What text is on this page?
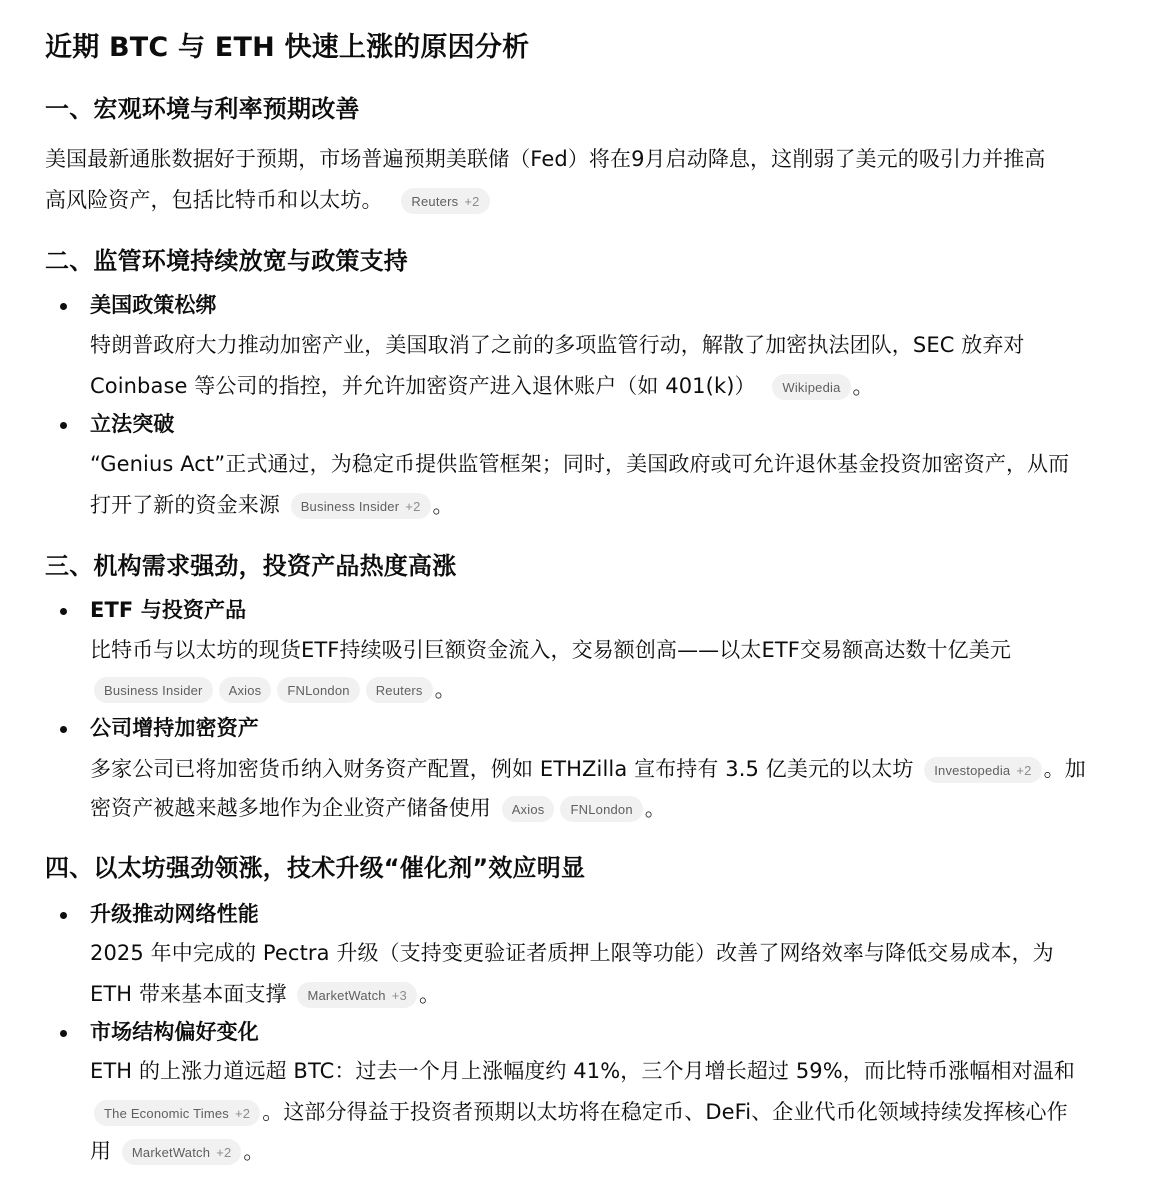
近期 BTC 与 ETH 快速上涨的原因分析
一、宏观环境与利率预期改善
美国最新通胀数据好于预期，市场普遍预期美联储（Fed）将在9月启动降息，这削弱了美元的吸引力并推高
高风险资产，包括比特币和以太坊。 Reuters +2
二、监管环境持续放宽与政策支持
美国政策松绑
特朗普政府大力推动加密产业，美国取消了之前的多项监管行动，解散了加密执法团队，SEC 放弃对
Coinbase 等公司的指控，并允许加密资产进入退休账户（如 401(k)） Wikipedia 。
立法突破
“Genius Act”正式通过，为稳定币提供监管框架；同时，美国政府或可允许退休基金投资加密资产，从而
打开了新的资金来源 Business Insider +2 。
三、机构需求强劲，投资产品热度高涨
ETF 与投资产品
比特币与以太坊的现货ETF持续吸引巨额资金流入，交易额创高——以太ETF交易额高达数十亿美元
Business Insider Axios FNLondon Reuters 。
公司增持加密资产
多家公司已将加密货币纳入财务资产配置，例如 ETHZilla 宣布持有 3.5 亿美元的以太坊 Investopedia +2 。加
密资产被越来越多地作为企业资产储备使用 Axios FNLondon 。
四、以太坊强劲领涨，技术升级“催化剂”效应明显
升级推动网络性能
2025 年中完成的 Pectra 升级（支持变更验证者质押上限等功能）改善了网络效率与降低交易成本，为
ETH 带来基本面支撑 MarketWatch +3 。
市场结构偏好变化
ETH 的上涨力道远超 BTC：过去一个月上涨幅度约 41%，三个月增长超过 59%，而比特币涨幅相对温和
The Economic Times +2 。这部分得益于投资者预期以太坊将在稳定币、DeFi、企业代币化领域持续发挥核心作
用 MarketWatch +2 。
